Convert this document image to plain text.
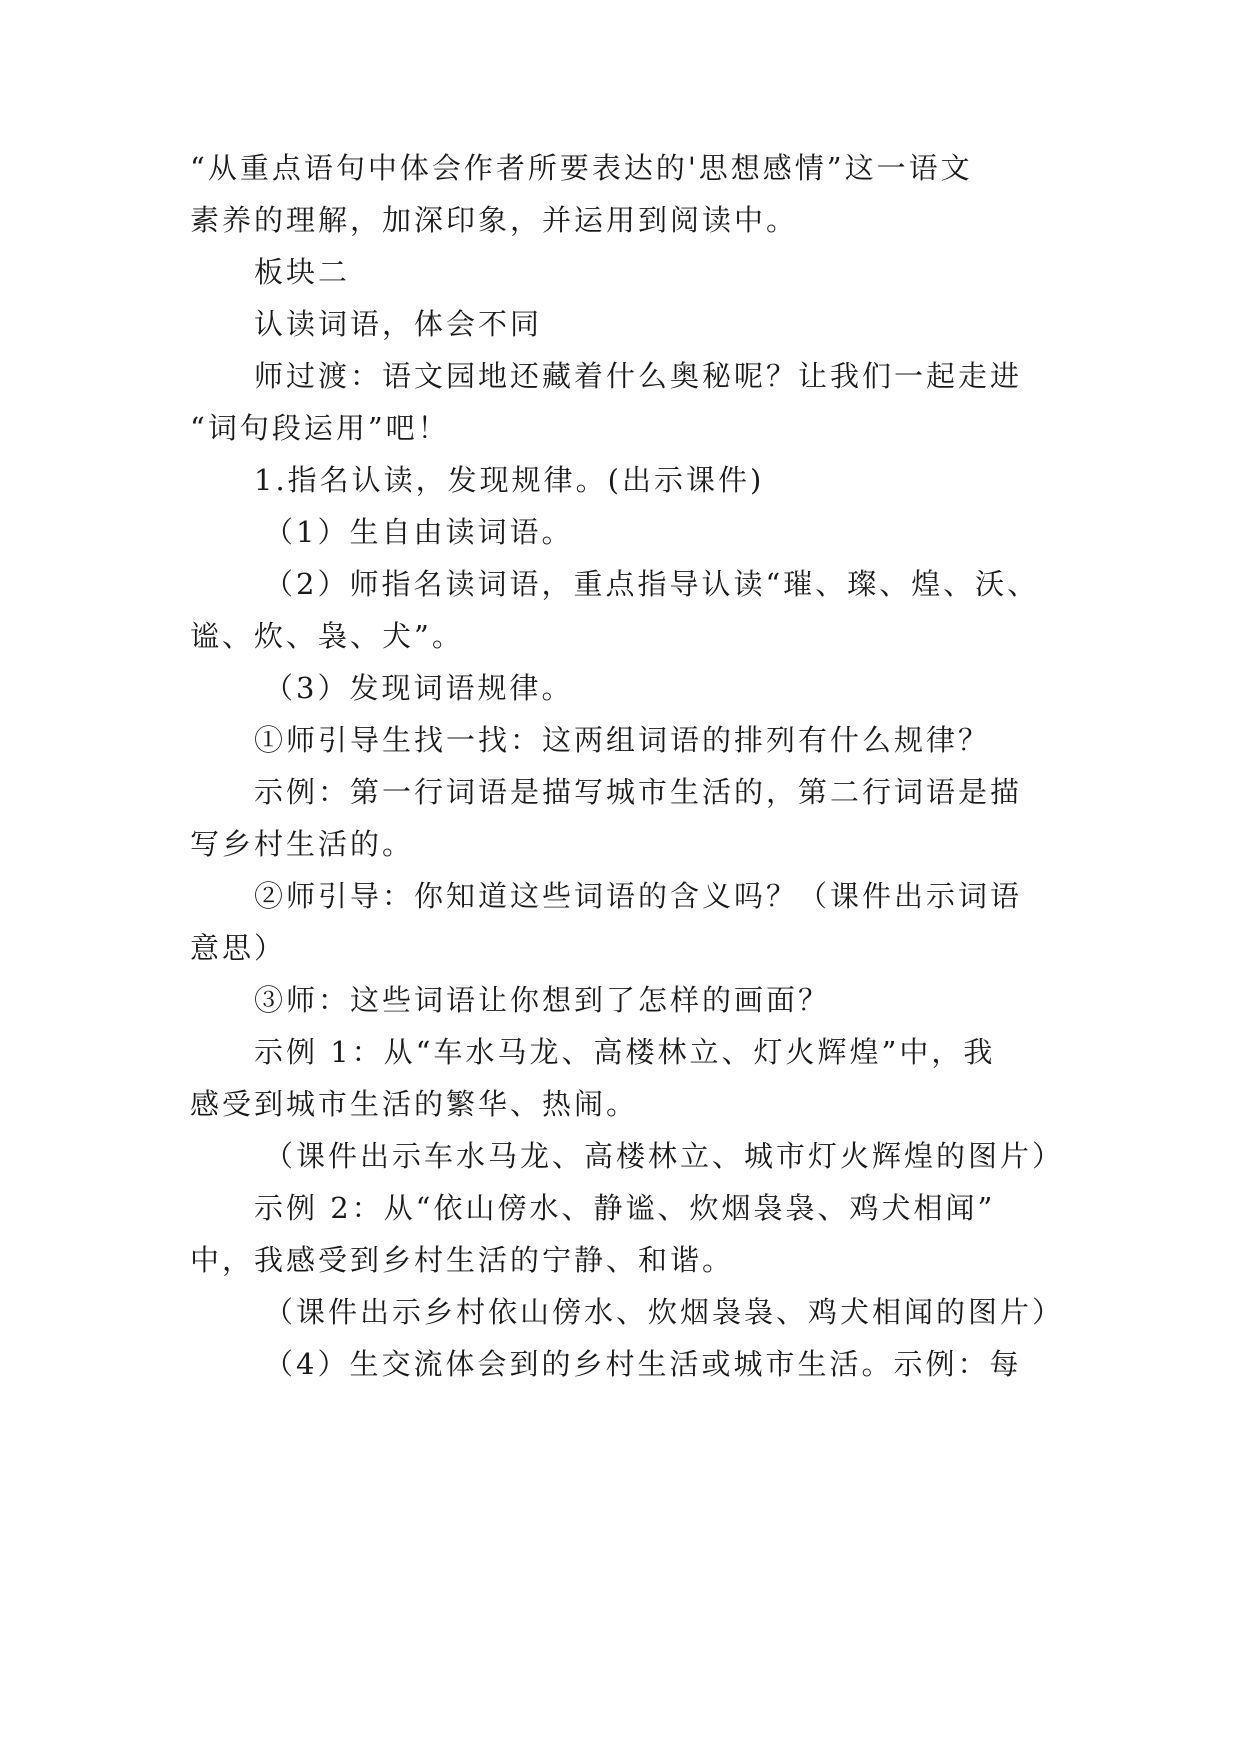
“从重点语句中体会作者所要表达的'思想感情”这一语文
素养的理解，加深印象，并运用到阅读中。
板块二
认读词语，体会不同
师过渡：语文园地还藏着什么奥秘呢？让我们一起走进
“词句段运用”吧！
1.指名认读，发现规律。(出示课件)
（1）生自由读词语。
（2）师指名读词语，重点指导认读“璀、璨、煌、沃、
谧、炊、袅、犬”。
（3）发现词语规律。
①师引导生找一找：这两组词语的排列有什么规律？
示例：第一行词语是描写城市生活的，第二行词语是描
写乡村生活的。
②师引导：你知道这些词语的含义吗？（课件出示词语
意思）
③师：这些词语让你想到了怎样的画面？
示例 1：从“车水马龙、高楼林立、灯火辉煌”中，我
感受到城市生活的繁华、热闹。
（课件出示车水马龙、高楼林立、城市灯火辉煌的图片）
示例 2：从“依山傍水、静谧、炊烟袅袅、鸡犬相闻”
中，我感受到乡村生活的宁静、和谐。
（课件出示乡村依山傍水、炊烟袅袅、鸡犬相闻的图片）
（4）生交流体会到的乡村生活或城市生活。示例：每
